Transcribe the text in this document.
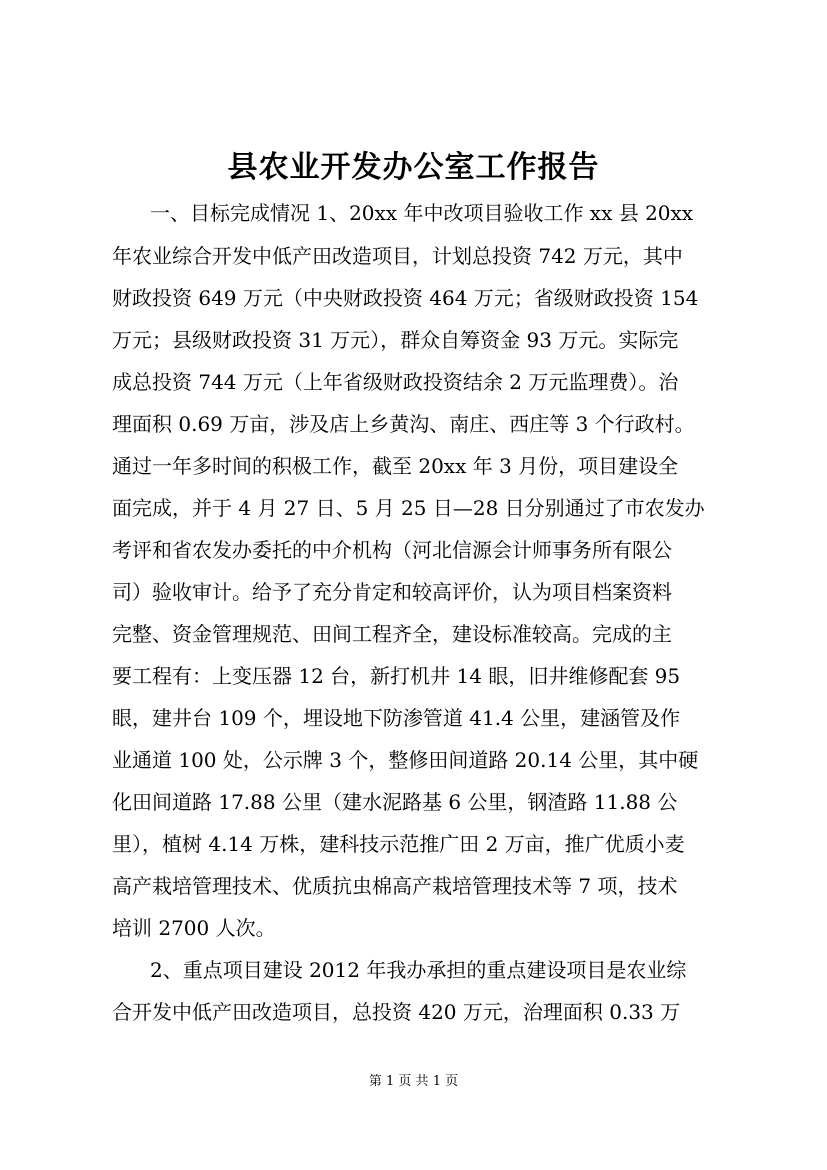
县农业开发办公室工作报告
一、目标完成情况 1、20xx 年中改项目验收工作 xx 县 20xx
年农业综合开发中低产田改造项目，计划总投资 742 万元，其中
财政投资 649 万元（中央财政投资 464 万元；省级财政投资 154
万元；县级财政投资 31 万元），群众自筹资金 93 万元。实际完
成总投资 744 万元（上年省级财政投资结余 2 万元监理费）。治
理面积 0.69 万亩，涉及店上乡黄沟、南庄、西庄等 3 个行政村。
通过一年多时间的积极工作，截至 20xx 年 3 月份，项目建设全
面完成，并于 4 月 27 日、5 月 25 日—28 日分别通过了市农发办
考评和省农发办委托的中介机构（河北信源会计师事务所有限公
司）验收审计。给予了充分肯定和较高评价，认为项目档案资料
完整、资金管理规范、田间工程齐全，建设标准较高。完成的主
要工程有：上变压器 12 台，新打机井 14 眼，旧井维修配套 95
眼，建井台 109 个，埋设地下防渗管道 41.4 公里，建涵管及作
业通道 100 处，公示牌 3 个，整修田间道路 20.14 公里，其中硬
化田间道路 17.88 公里（建水泥路基 6 公里，钢渣路 11.88 公
里），植树 4.14 万株，建科技示范推广田 2 万亩，推广优质小麦
高产栽培管理技术、优质抗虫棉高产栽培管理技术等 7 项，技术
培训 2700 人次。
2、重点项目建设 2012 年我办承担的重点建设项目是农业综
合开发中低产田改造项目，总投资 420 万元，治理面积 0.33 万
第 1 页 共 1 页
